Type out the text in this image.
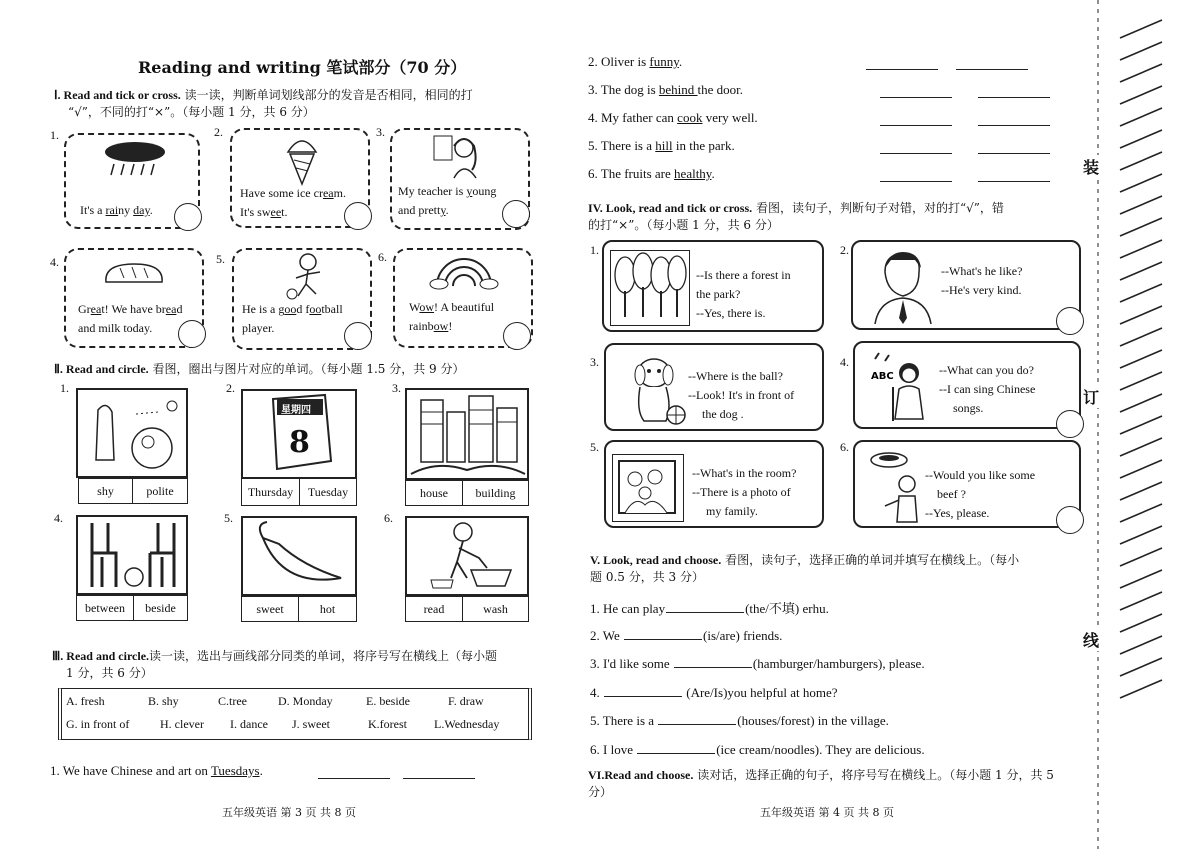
Reading and writing 笔试部分（70 分）
Ⅰ. Read and tick or cross. 读一读，判断单词划线部分的发音是否相同，相同的打
“√”，不同的打“×”。（每小题 1 分，共 6 分）
1.
It's a rainy day.
2.
Have some ice cream.
It's sweet.
3.
My teacher is young
and pretty.
4.
Great! We have bread
and milk today.
5.
He is a good football
player.
6.
Wow! A beautiful
rainbow!
Ⅱ. Read and circle. 看图，圈出与图片对应的单词。（每小题 1.5 分，共 9 分）
1.
shy	polite
2.
星期四
8
Thursday	Tuesday
3.
house	building
4.
between	beside
5.
sweet	hot
6.
read	wash
Ⅲ. Read and circle.读一读，选出与画线部分同类的单词，将序号写在横线上（每小题
1 分，共 6 分）
A. fresh	B. shy	C.tree	D. Monday	E. beside	F. draw
G. in front of	H. clever I. dance J. sweet	K.forest L.Wednesday
1. We have Chinese and art on Tuesdays.
五年级英语 第 3 页 共 8 页
2. Oliver is funny.
3. The dog is behind the door.
4. My father can cook very well.
5. There is a hill in the park.
6. The fruits are healthy.
IV. Look, read and tick or cross. 看图，读句子，判断句子对错，对的打“√”，错
的打“×”。（每小题 1 分，共 6 分）
1.
--Is there a forest in
the park?
--Yes, there is.
2.
--What's he like?
--He's very kind.
3.
--Where is the ball?
--Look! It's in front of
the dog .
4.
ABC	--What can you do?
--I can sing Chinese
songs.
5.
--What's in the room?
--There is a photo of
my family.
6.
--Would you like some
beef ?
--Yes, please.
V. Look, read and choose. 看图，读句子，选择正确的单词并填写在横线上。（每小
题 0.5 分，共 3 分）
1. He can play	(the/不填) erhu.
2. We	(is/are) friends.
3. I'd like some	(hamburger/hamburgers), please.
4.	(Are/Is)you helpful at home?
5. There is a	(houses/forest) in the village.
6. I love	(ice cream/noodles). They are delicious.
VI.Read and choose. 读对话，选择正确的句子，将序号写在横线上。（每小题 1 分，共 5 分）
五年级英语 第 4 页 共 8 页
装
订
线
